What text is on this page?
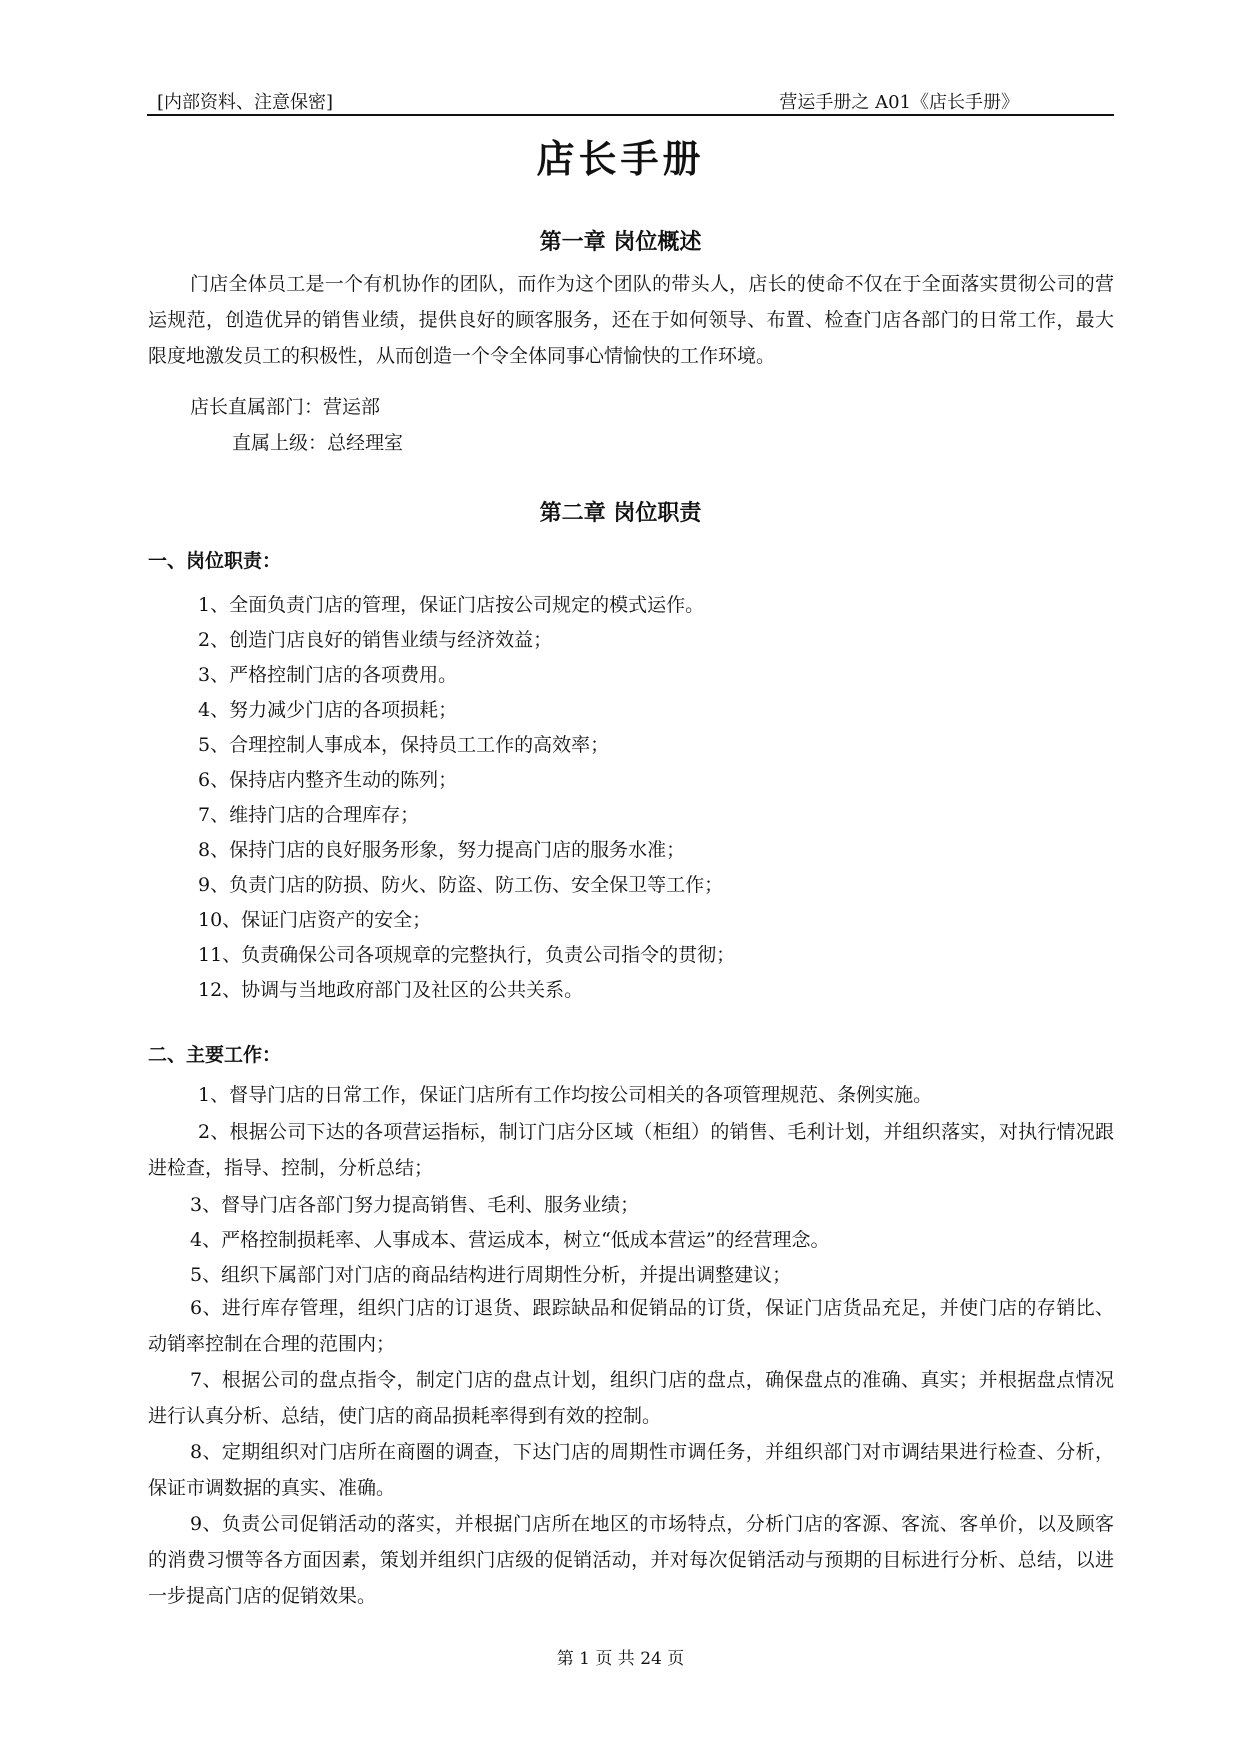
[内部资料、注意保密]	营运手册之 A01《店长手册》
店长手册
第一章 岗位概述
门店全体员工是一个有机协作的团队，而作为这个团队的带头人，店长的使命不仅在于全面落实贯彻公司的营运规范，创造优异的销售业绩，提供良好的顾客服务，还在于如何领导、布置、检查门店各部门的日常工作，最大限度地激发员工的积极性，从而创造一个令全体同事心情愉快的工作环境。
店长直属部门：营运部
直属上级：总经理室
第二章 岗位职责
一、岗位职责：
1、全面负责门店的管理，保证门店按公司规定的模式运作。
2、创造门店良好的销售业绩与经济效益；
3、严格控制门店的各项费用。
4、努力减少门店的各项损耗；
5、合理控制人事成本，保持员工工作的高效率；
6、保持店内整齐生动的陈列；
7、维持门店的合理库存；
8、保持门店的良好服务形象，努力提高门店的服务水准；
9、负责门店的防损、防火、防盗、防工伤、安全保卫等工作；
10、保证门店资产的安全；
11、负责确保公司各项规章的完整执行，负责公司指令的贯彻；
12、协调与当地政府部门及社区的公共关系。
二、主要工作：
1、督导门店的日常工作，保证门店所有工作均按公司相关的各项管理规范、条例实施。
2、根据公司下达的各项营运指标，制订门店分区域（柜组）的销售、毛利计划，并组织落实，对执行情况跟进检查，指导、控制，分析总结；
3、督导门店各部门努力提高销售、毛利、服务业绩；
4、严格控制损耗率、人事成本、营运成本，树立“低成本营运”的经营理念。
5、组织下属部门对门店的商品结构进行周期性分析，并提出调整建议；
6、进行库存管理，组织门店的订退货、跟踪缺品和促销品的订货，保证门店货品充足，并使门店的存销比、动销率控制在合理的范围内；
7、根据公司的盘点指令，制定门店的盘点计划，组织门店的盘点，确保盘点的准确、真实；并根据盘点情况进行认真分析、总结，使门店的商品损耗率得到有效的控制。
8、定期组织对门店所在商圈的调查，下达门店的周期性市调任务，并组织部门对市调结果进行检查、分析，保证市调数据的真实、准确。
9、负责公司促销活动的落实，并根据门店所在地区的市场特点，分析门店的客源、客流、客单价，以及顾客的消费习惯等各方面因素，策划并组织门店级的促销活动，并对每次促销活动与预期的目标进行分析、总结，以进一步提高门店的促销效果。
第 1 页 共 24 页
